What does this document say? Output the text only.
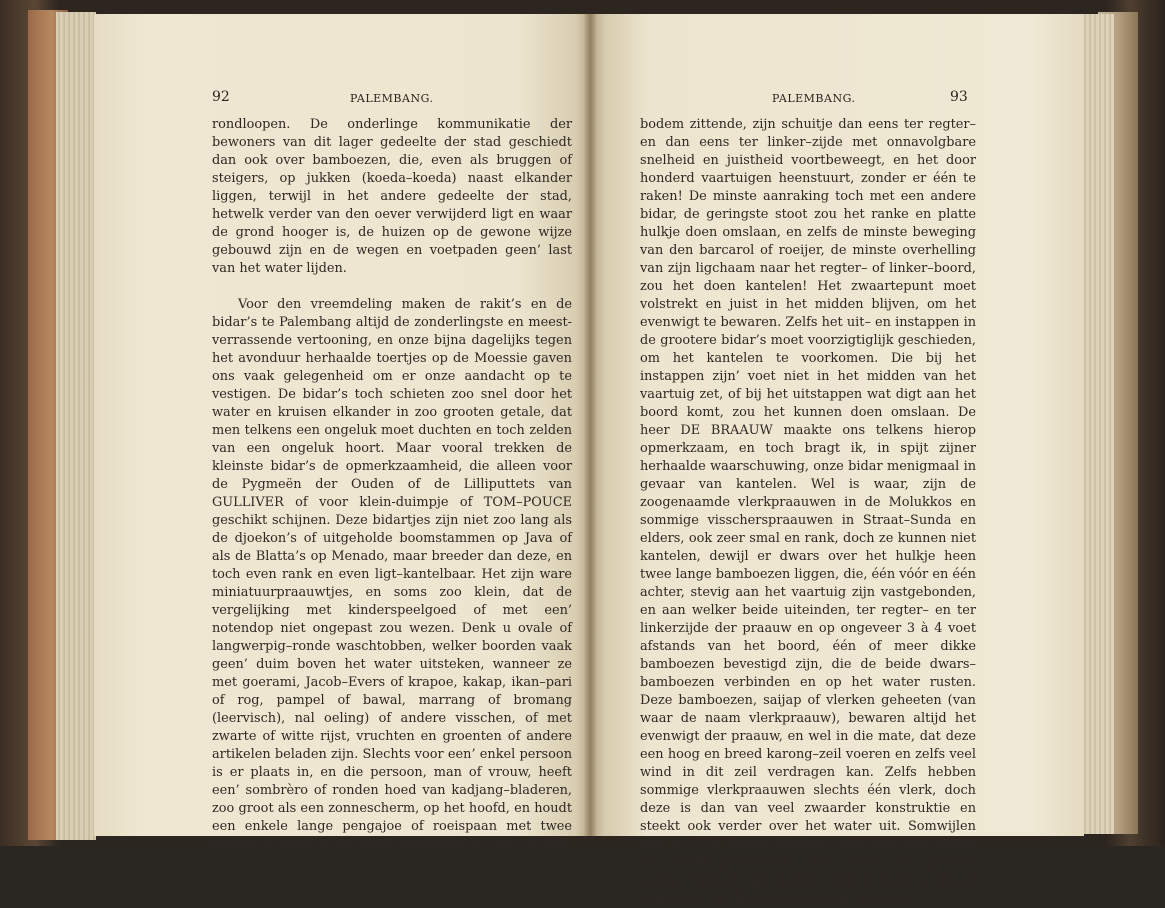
92	PALEMBANG.

rondloopen. De onderlinge kommunikatie der bewoners van dit lager gedeelte der stad geschiedt dan ook over bamboezen, die, even als bruggen of steigers, op jukken (koeda–koeda) naast elkander liggen, terwijl in het andere gedeelte der stad, hetwelk verder van den oever verwijderd ligt en waar de grond hooger is, de huizen op de gewone wijze gebouwd zijn en de wegen en voetpaden geen’ last van het water lijden.

Voor den vreemdeling maken de rakit’s en de bidar’s te Palembang altijd de zonderlingste en meest-verrassende vertooning, en onze bijna dagelijks tegen het avonduur herhaalde toertjes op de Moessie gaven ons vaak gelegenheid om er onze aandacht op te vestigen. De bidar’s toch schieten zoo snel door het water en kruisen elkander in zoo grooten getale, dat men telkens een ongeluk moet duchten en toch zelden van een ongeluk hoort. Maar vooral trekken de kleinste bidar’s de opmerkzaamheid, die alleen voor de Pygmeën der Ouden of de Lilliputtets van GULLIVER of voor klein-duimpje of TOM–POUCE geschikt schijnen. Deze bidartjes zijn niet zoo lang als de djoekon’s of uitgeholde boomstammen op Java of als de Blatta’s op Menado, maar breeder dan deze, en toch even rank en even ligt–kantelbaar. Het zijn ware miniatuurpraauwtjes, en soms zoo klein, dat de vergelijking met kinderspeelgoed of met een’ notendop niet ongepast zou wezen. Denk u ovale of langwerpig–ronde waschtobben, welker boorden vaak geen’ duim boven het water uitsteken, wanneer ze met goerami, Jacob–Evers of krapoe, kakap, ikan–pari of rog, pampel of bawal, marrang of bromang (leervisch), nal oeling) of andere visschen, of met zwarte of witte rijst, vruchten en groenten of andere artikelen beladen zijn. Slechts voor een’ enkel persoon is er plaats in, en die persoon, man of vrouw, heeft een’ sombrèro of ronden hoed van kadjang–bladeren, zoo groot als een zonnescherm, op het hoofd, en houdt een enkele lange pengajoe of roeispaan met twee bladen of lepels in de hand, waarmede hij, plat op den

PALEMBANG.	93

bodem zittende, zijn schuitje dan eens ter regter– en dan eens ter linker–zijde met onnavolgbare snelheid en juistheid voortbeweegt, en het door honderd vaartuigen heenstuurt, zonder er één te raken! De minste aanraking toch met een andere bidar, de geringste stoot zou het ranke en platte hulkje doen omslaan, en zelfs de minste beweging van den barcarol of roeijer, de minste overhelling van zijn ligchaam naar het regter– of linker–boord, zou het doen kantelen! Het zwaartepunt moet volstrekt en juist in het midden blijven, om het evenwigt te bewaren. Zelfs het uit– en instappen in de grootere bidar’s moet voorzigtiglijk geschieden, om het kantelen te voorkomen. Die bij het instappen zijn’ voet niet in het midden van het vaartuig zet, of bij het uitstappen wat digt aan het boord komt, zou het kunnen doen omslaan. De heer DE BRAAUW maakte ons telkens hierop opmerkzaam, en toch bragt ik, in spijt zijner herhaalde waarschuwing, onze bidar menigmaal in gevaar van kantelen. Wel is waar, zijn de zoogenaamde vlerkpraauwen in de Molukkos en sommige visscherspraauwen in Straat–Sunda en elders, ook zeer smal en rank, doch ze kunnen niet kantelen, dewijl er dwars over het hulkje heen twee lange bamboezen liggen, die, één vóór en één achter, stevig aan het vaartuig zijn vastgebonden, en aan welker beide uiteinden, ter regter– en ter linkerzijde der praauw en op ongeveer 3 à 4 voet afstands van het boord, één of meer dikke bamboezen bevestigd zijn, die de beide dwars–bamboezen verbinden en op het water rusten. Deze bamboezen, saijap of vlerken geheeten (van waar de naam vlerkpraauw), bewaren altijd het evenwigt der praauw, en wel in die mate, dat deze een hoog en breed karong–zeil voeren en zelfs veel wind in dit zeil verdragen kan. Zelfs hebben sommige vlerkpraauwen slechts één vlerk, doch deze is dan van veel zwaarder konstruktie en steekt ook verder over het water uit. Somwijlen ook, b. v. in Straat–Madura, ziet men zeer kleine en smalle praauwtjes (een soort van giekeu) zonder vlerken, met harden wind en hoog en breed zeil in top, de Straat oversteken en er een
